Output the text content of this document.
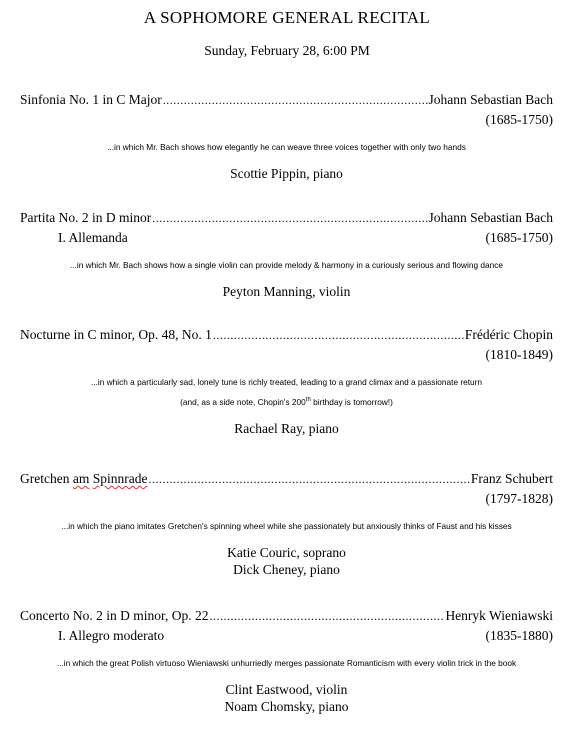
A SOPHOMORE GENERAL RECITAL
Sunday, February 28, 6:00 PM
Sinfonia No. 1 in C Major .....	Johann Sebastian Bach
(1685-1750)
...in which Mr. Bach shows how elegantly he can weave three voices together with only two hands
Scottie Pippin, piano
Partita No. 2 in D minor .....	Johann Sebastian Bach
I. Allemanda	(1685-1750)
...in which Mr. Bach shows how a single violin can provide melody & harmony in a curiously serious and flowing dance
Peyton Manning, violin
Nocturne in C minor, Op. 48, No. 1 .....	Frédéric Chopin
(1810-1849)
...in which a particularly sad, lonely tune is richly treated, leading to a grand climax and a passionate return
(and, as a side note, Chopin's 200th birthday is tomorrow!)
Rachael Ray, piano
Gretchen am Spinnrade .....	Franz Schubert
(1797-1828)
...in which the piano imitates Gretchen's spinning wheel while she passionately but anxiously thinks of Faust and his kisses
Katie Couric, soprano
Dick Cheney, piano
Concerto No. 2 in D minor, Op. 22 .....	Henryk Wieniawski
I. Allegro moderato	(1835-1880)
...in which the great Polish virtuoso Wieniawski unhurriedly merges passionate Romanticism with every violin trick in the book
Clint Eastwood, violin
Noam Chomsky, piano
